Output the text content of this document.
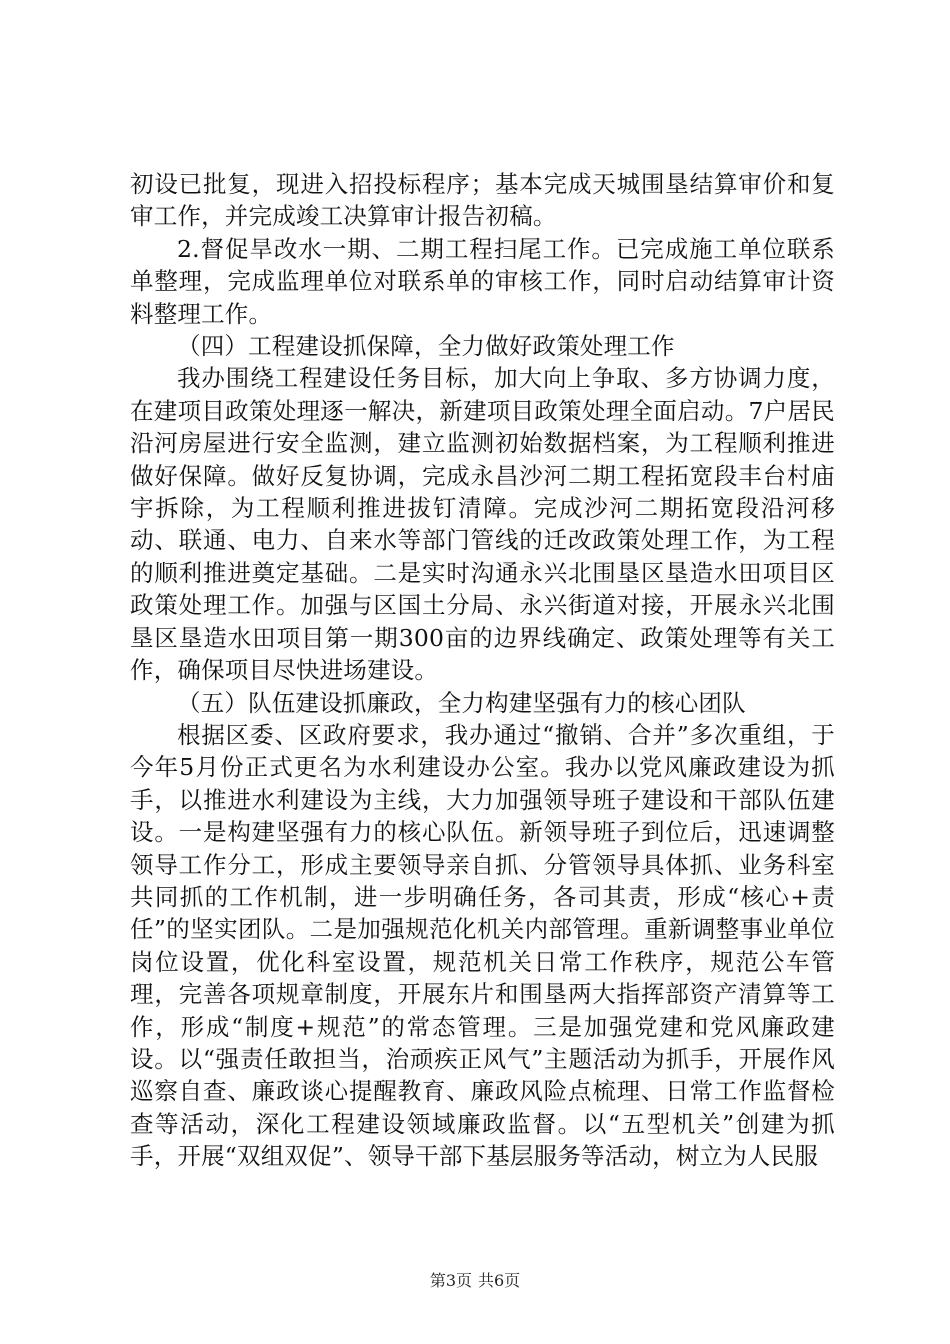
初设已批复，现进入招投标程序；基本完成天城围垦结算审价和复审工作，并完成竣工决算审计报告初稿。

2.督促旱改水一期、二期工程扫尾工作。已完成施工单位联系单整理，完成监理单位对联系单的审核工作，同时启动结算审计资料整理工作。

（四）工程建设抓保障，全力做好政策处理工作

我办围绕工程建设任务目标，加大向上争取、多方协调力度，在建项目政策处理逐一解决，新建项目政策处理全面启动。7户居民沿河房屋进行安全监测，建立监测初始数据档案，为工程顺利推进做好保障。做好反复协调，完成永昌沙河二期工程拓宽段丰台村庙宇拆除，为工程顺利推进拔钉清障。完成沙河二期拓宽段沿河移动、联通、电力、自来水等部门管线的迁改政策处理工作，为工程的顺利推进奠定基础。二是实时沟通永兴北围垦区垦造水田项目区政策处理工作。加强与区国土分局、永兴街道对接，开展永兴北围垦区垦造水田项目第一期300亩的边界线确定、政策处理等有关工作，确保项目尽快进场建设。

（五）队伍建设抓廉政，全力构建坚强有力的核心团队

根据区委、区政府要求，我办通过“撤销、合并”多次重组，于今年5月份正式更名为水利建设办公室。我办以党风廉政建设为抓手，以推进水利建设为主线，大力加强领导班子建设和干部队伍建设。一是构建坚强有力的核心队伍。新领导班子到位后，迅速调整领导工作分工，形成主要领导亲自抓、分管领导具体抓、业务科室共同抓的工作机制，进一步明确任务，各司其责，形成“核心+责任”的坚实团队。二是加强规范化机关内部管理。重新调整事业单位岗位设置，优化科室设置，规范机关日常工作秩序，规范公车管理，完善各项规章制度，开展东片和围垦两大指挥部资产清算等工作，形成“制度+规范”的常态管理。三是加强党建和党风廉政建设。以“强责任敢担当，治顽疾正风气”主题活动为抓手，开展作风巡察自查、廉政谈心提醒教育、廉政风险点梳理、日常工作监督检查等活动，深化工程建设领域廉政监督。以“五型机关”创建为抓手，开展“双组双促”、领导干部下基层服务等活动，树立为人民服

第3页 共6页
